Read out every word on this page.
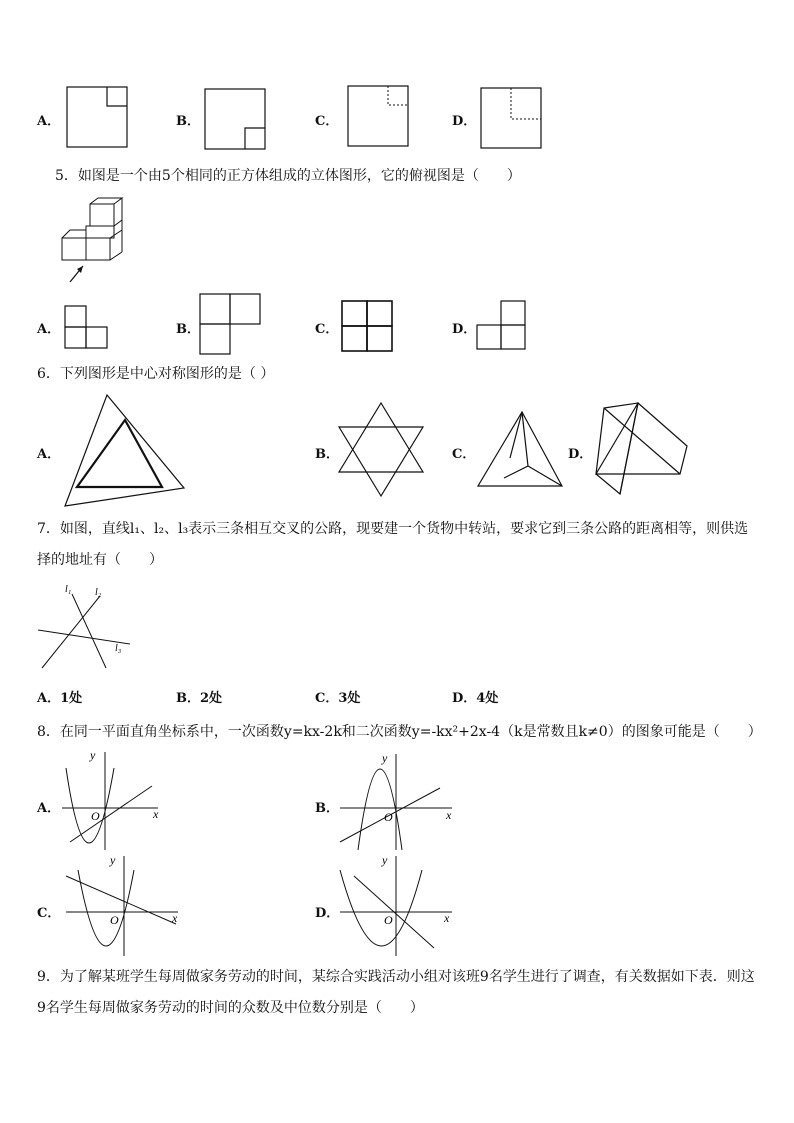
A．	B．	C．	D．
5．如图是一个由5个相同的正方体组成的立体图形，它的俯视图是（　　）
A．	B．	C．	D．
6．下列图形是中心对称图形的是（ ）
A．	B．	C．	D．
7．如图，直线l₁、l₂、l₃表示三条相互交叉的公路，现要建一个货物中转站，要求它到三条公路的距离相等，则供选
择的地址有（　　）
l₁ l₂
l₃
A．1处	B．2处	C．3处	D．4处
8．在同一平面直角坐标系中，一次函数y=kx-2k和二次函数y=-kx²+2x-4（k是常数且k≠0）的图象可能是（　　）
A．	B．
C．	D．
y
x
O
y
x
O
y
x
O
y
x
O
9．为了解某班学生每周做家务劳动的时间，某综合实践活动小组对该班9名学生进行了调查，有关数据如下表．则这
9名学生每周做家务劳动的时间的众数及中位数分别是（　　）
